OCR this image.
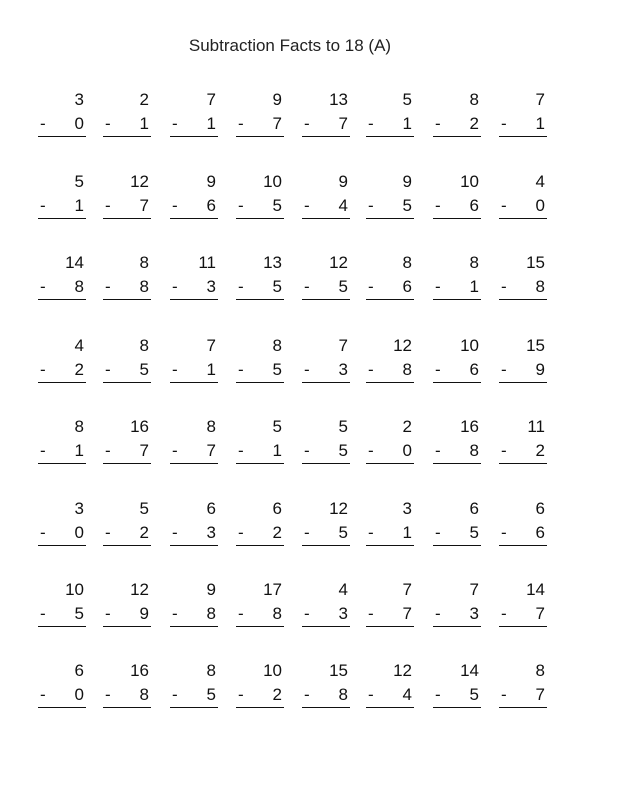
Subtraction Facts to 18 (A)
3
- 0
2
- 1
7
- 1
9
- 7
13
- 7
5
- 1
8
- 2
7
- 1
5
- 1
12
- 7
9
- 6
10
- 5
9
- 4
9
- 5
10
- 6
4
- 0
14
- 8
8
- 8
11
- 3
13
- 5
12
- 5
8
- 6
8
- 1
15
- 8
4
- 2
8
- 5
7
- 1
8
- 5
7
- 3
12
- 8
10
- 6
15
- 9
8
- 1
16
- 7
8
- 7
5
- 1
5
- 5
2
- 0
16
- 8
11
- 2
3
- 0
5
- 2
6
- 3
6
- 2
12
- 5
3
- 1
6
- 5
6
- 6
10
- 5
12
- 9
9
- 8
17
- 8
4
- 3
7
- 7
7
- 3
14
- 7
6
- 0
16
- 8
8
- 5
10
- 2
15
- 8
12
- 4
14
- 5
8
- 7
